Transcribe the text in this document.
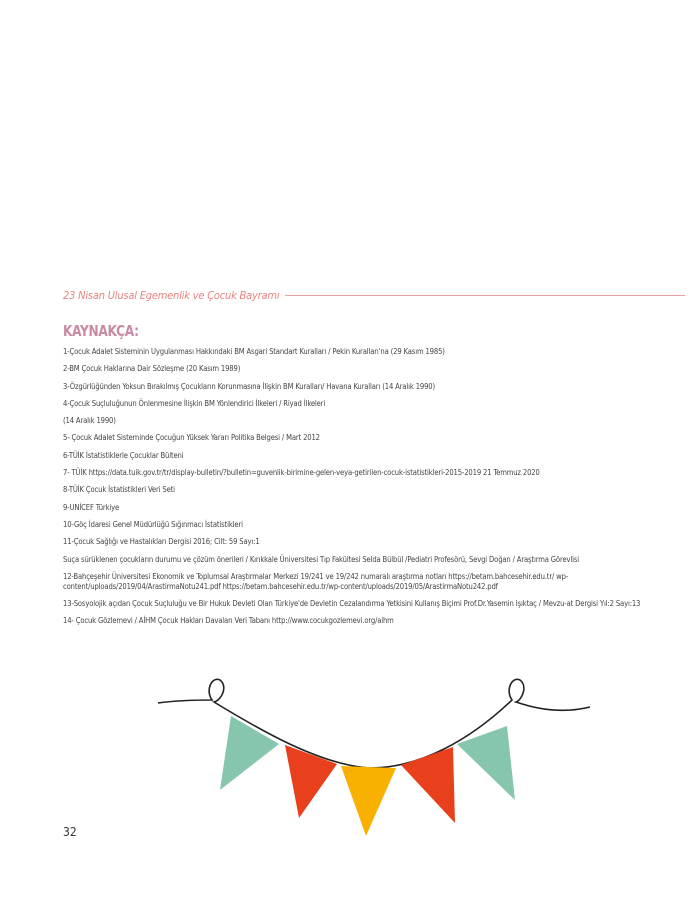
23 Nisan Ulusal Egemenlik ve Çocuk Bayramı
KAYNAKÇA:
1-Çocuk Adalet Sisteminin Uygulanması Hakkındaki BM Asgari Standart Kuralları / Pekin Kuralları'na (29 Kasım 1985)
2-BM Çocuk Haklarına Dair Sözleşme (20 Kasım 1989)
3-Özgürlüğünden Yoksun Bırakılmış Çocukların Korunmasına İlişkin BM Kuralları/ Havana Kuralları (14 Aralık 1990)
4-Çocuk Suçluluğunun Önlenmesine İlişkin BM Yönlendirici İlkeleri / Riyad İlkeleri
(14 Aralık 1990)
5- Çocuk Adalet Sisteminde Çocuğun Yüksek Yararı Politika Belgesi / Mart 2012
6-TÜİK İstatistiklerle Çocuklar Bülteni
7- TÜİK https://data.tuik.gov.tr/tr/display-bulletin/?bulletin=guvenlik-birimine-gelen-veya-getirilen-cocuk-istatistikleri-2015-2019 21 Temmuz 2020
8-TÜİK Çocuk İstatistikleri Veri Seti
9-UNİCEF Türkiye
10-Göç İdaresi Genel Müdürlüğü Sığınmacı İstatistikleri
11-Çocuk Sağlığı ve Hastalıkları Dergisi 2016; Cilt: 59 Sayı:1
Suça sürüklenen çocukların durumu ve çözüm önerileri / Kırıkkale Üniversitesi Tıp Fakültesi Selda Bülbül /Pediatri Profesörü, Sevgi Doğan / Araştırma Görevlisi
12-Bahçeşehir Üniversitesi Ekonomik ve Toplumsal Araştırmalar Merkezi 19/241 ve 19/242 numaralı araştırma notları https://betam.bahcesehir.edu.tr/ wp-content/uploads/2019/04/ArastirmaNotu241.pdf https://betam.bahcesehir.edu.tr/wp-content/uploads/2019/05/ArastirmaNotu242.pdf
13-Sosyolojik açıdan Çocuk Suçluluğu ve Bir Hukuk Devleti Olan Türkiye'de Devletin Cezalandırma Yetkisini Kullanış Biçimi Prof.Dr.Yasemin Işıktaç / Mevzu-at Dergisi Yıl:2 Sayı:13
14- Çocuk Gözlemevi / AİHM Çocuk Hakları Davaları Veri Tabanı http://www.cocukgozlemevi.org/aihm
32
